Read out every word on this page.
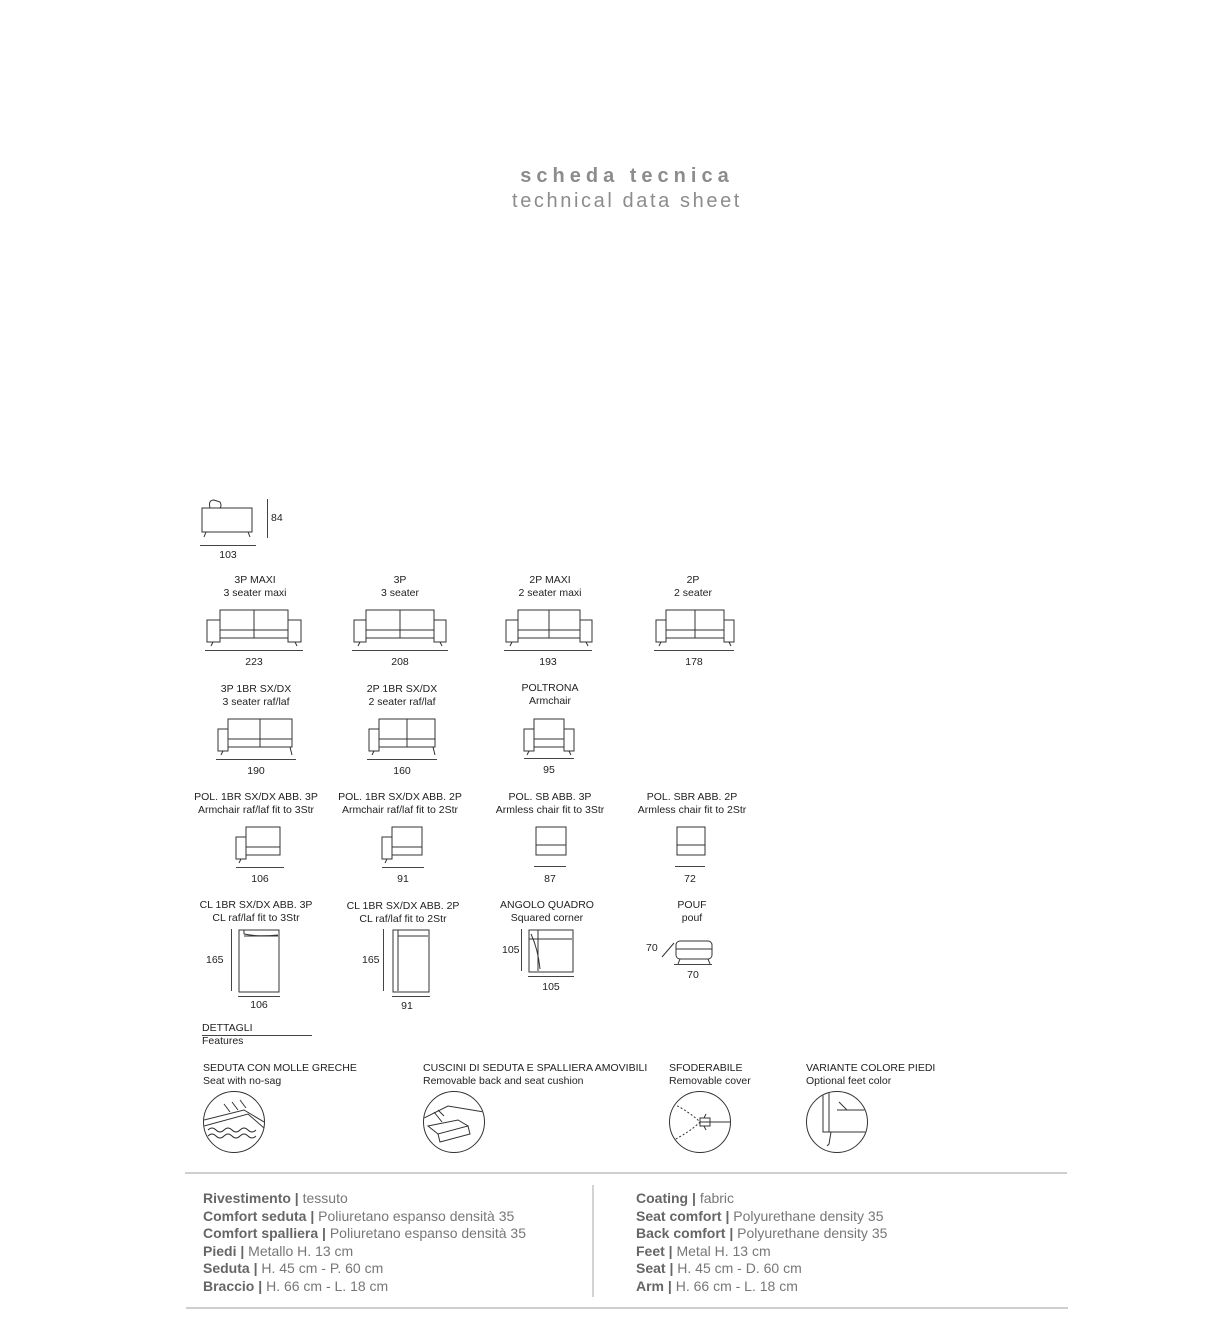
scheda tecnica
technical data sheet
84
103
3P MAXI
3 seater maxi
223
3P
3 seater
208
2P MAXI
2 seater maxi
193
2P
2 seater
178
3P 1BR SX/DX
3 seater raf/laf
190
2P 1BR SX/DX
2 seater raf/laf
160
POLTRONA
Armchair
95
POL. 1BR SX/DX ABB. 3P
Armchair raf/laf fit to 3Str
106
POL. 1BR SX/DX ABB. 2P
Armchair raf/laf fit to 2Str
91
POL. SB ABB. 3P
Armless chair fit to 3Str
87
POL. SBR ABB. 2P
Armless chair fit to 2Str
72
CL 1BR SX/DX ABB. 3P
CL raf/laf fit to 3Str
165
106
CL 1BR SX/DX ABB. 2P
CL raf/laf fit to 2Str
165
91
ANGOLO QUADRO
Squared corner
105
105
POUF
pouf
70
70
DETTAGLI
Features
SEDUTA CON MOLLE GRECHE
Seat with no-sag
CUSCINI DI SEDUTA E SPALLIERA AMOVIBILI
Removable back and seat cushion
SFODERABILE
Removable cover
VARIANTE COLORE PIEDI
Optional feet color
Rivestimento | tessuto
Comfort seduta | Poliuretano espanso densità 35
Comfort spalliera | Poliuretano espanso densità 35
Piedi | Metallo H. 13 cm
Seduta | H. 45 cm - P. 60 cm
Braccio | H. 66 cm - L. 18 cm
Coating | fabric
Seat comfort | Polyurethane density 35
Back comfort | Polyurethane density 35
Feet | Metal H. 13 cm
Seat | H. 45 cm - D. 60 cm
Arm | H. 66 cm - L. 18 cm
